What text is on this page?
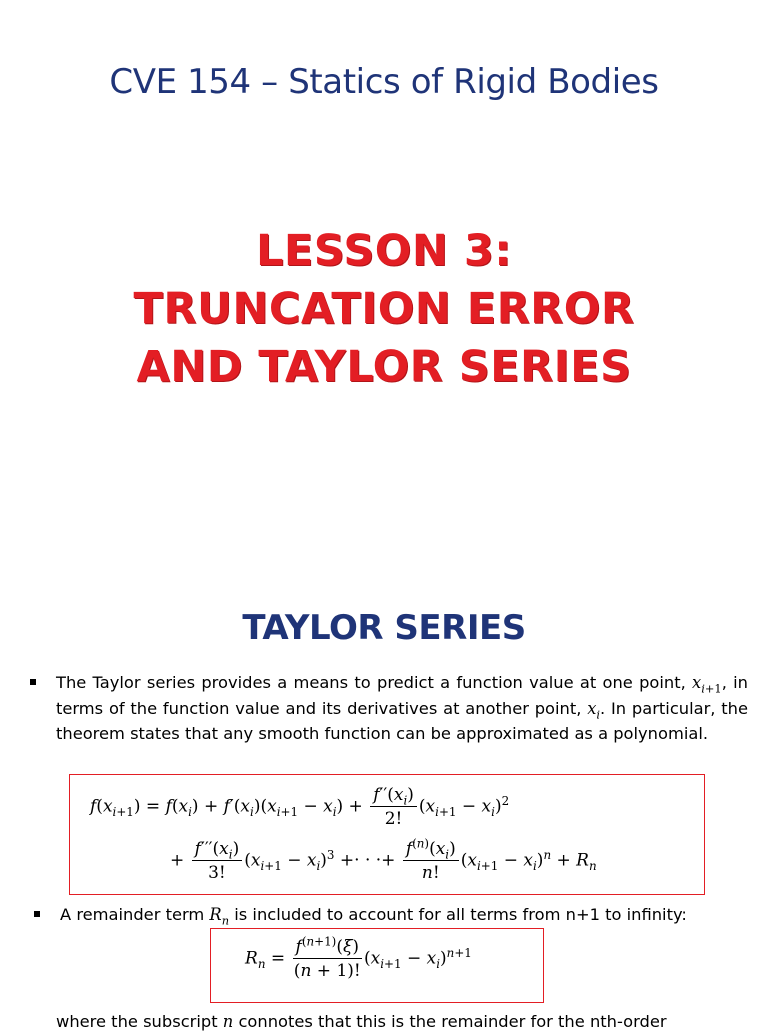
CVE 154 – Statics of Rigid Bodies
LESSON 3:
TRUNCATION ERROR
AND TAYLOR SERIES
TAYLOR SERIES
The Taylor series provides a means to predict a function value at one point, $x_{i+1}$, in terms of the function value and its derivatives at another point, $x_i$. In particular, the theorem states that any smooth function can be approximated as a polynomial.
$f(x_{i+1}) = f(x_i) + f'(x_i)(x_{i+1} - x_i) + \frac{f''(x_i)}{2!} (x_{i+1} - x_i)^2$
+ $\frac{f'''(x_i)}{3!} (x_{i+1} - x_i)^3$ +· · ·+ $\frac{f^{(n)}(x_i)}{n!} (x_{i+1} - x_i)^n + R_n$
A remainder term $R_n$ is included to account for all terms from n+1 to infinity:
$R_n = \frac{f^{(n+1)}(\xi)}{(n + 1)!} (x_{i+1} - x_i)^{n+1}$
where the subscript n connotes that this is the remainder for the nth-order
